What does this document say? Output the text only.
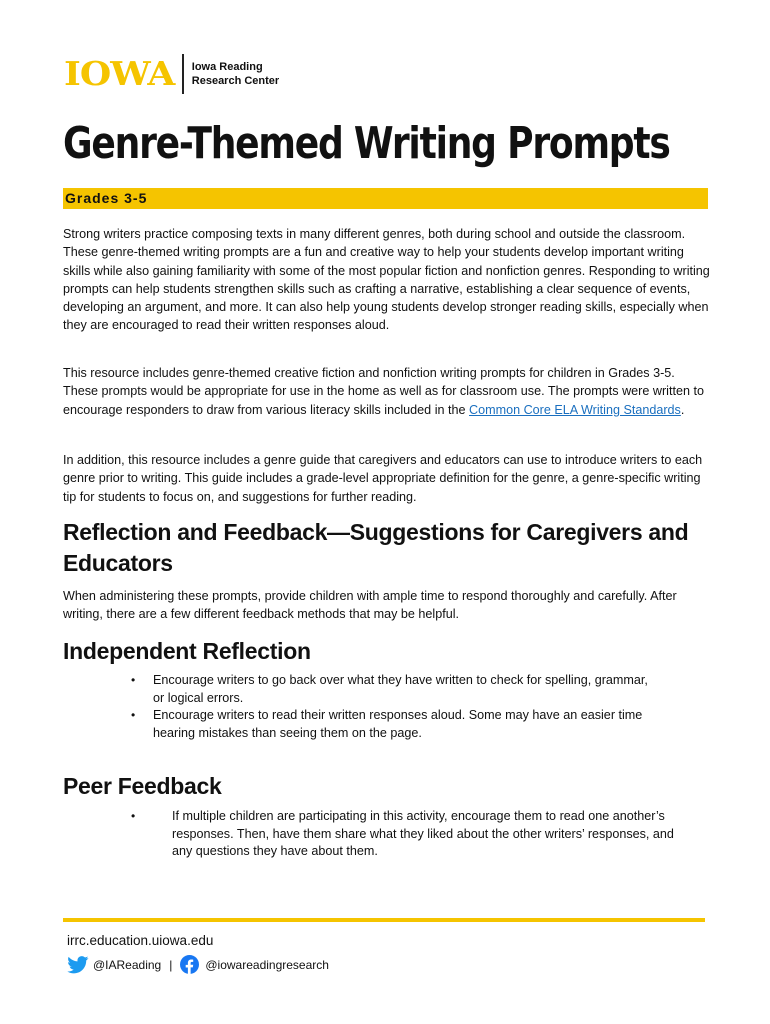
IOWA Iowa Reading
Research Center
Genre-Themed Writing Prompts
Grades 3-5

Strong writers practice composing texts in many different genres, both during school and outside the classroom. These genre-themed writing prompts are a fun and creative way to help your students develop important writing skills while also gaining familiarity with some of the most popular fiction and nonfiction genres. Responding to writing prompts can help students strengthen skills such as crafting a narrative, establishing a clear sequence of events, developing an argument, and more. It can also help young students develop stronger reading skills, especially when they are encouraged to read their written responses aloud.

This resource includes genre-themed creative fiction and nonfiction writing prompts for children in Grades 3-5. These prompts would be appropriate for use in the home as well as for classroom use. The prompts were written to encourage responders to draw from various literacy skills included in the Common Core ELA Writing Standards.

In addition, this resource includes a genre guide that caregivers and educators can use to introduce writers to each genre prior to writing. This guide includes a grade-level appropriate definition for the genre, a genre-specific writing tip for students to focus on, and suggestions for further reading.

Reflection and Feedback—Suggestions for Caregivers and Educators

When administering these prompts, provide children with ample time to respond thoroughly and carefully. After writing, there are a few different feedback methods that may be helpful.

Independent Reflection
• Encourage writers to go back over what they have written to check for spelling, grammar, or logical errors.
• Encourage writers to read their written responses aloud. Some may have an easier time hearing mistakes than seeing them on the page.
Peer Feedback
•	If multiple children are participating in this activity, encourage them to read one another’s responses. Then, have them share what they liked about the other writers’ responses, and any questions they have about them.
irrc.education.uiowa.edu
@IAReading |	@iowareadingresearch
